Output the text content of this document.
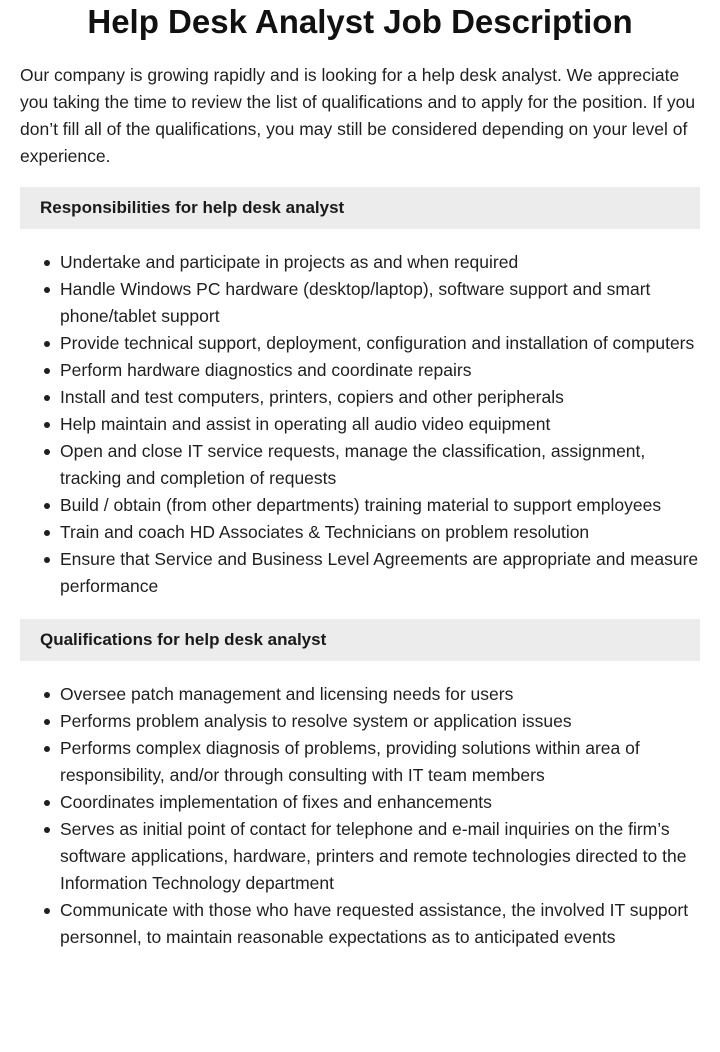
Help Desk Analyst Job Description

Our company is growing rapidly and is looking for a help desk analyst. We appreciate you taking the time to review the list of qualifications and to apply for the position. If you don’t fill all of the qualifications, you may still be considered depending on your level of experience.

Responsibilities for help desk analyst
Undertake and participate in projects as and when required
Handle Windows PC hardware (desktop/laptop), software support and smart phone/tablet support
Provide technical support, deployment, configuration and installation of computers
Perform hardware diagnostics and coordinate repairs
Install and test computers, printers, copiers and other peripherals
Help maintain and assist in operating all audio video equipment
Open and close IT service requests, manage the classification, assignment, tracking and completion of requests
Build / obtain (from other departments) training material to support employees
Train and coach HD Associates & Technicians on problem resolution
Ensure that Service and Business Level Agreements are appropriate and measure performance
Qualifications for help desk analyst
Oversee patch management and licensing needs for users
Performs problem analysis to resolve system or application issues
Performs complex diagnosis of problems, providing solutions within area of responsibility, and/or through consulting with IT team members
Coordinates implementation of fixes and enhancements
Serves as initial point of contact for telephone and e-mail inquiries on the firm’s software applications, hardware, printers and remote technologies directed to the Information Technology department
Communicate with those who have requested assistance, the involved IT support personnel, to maintain reasonable expectations as to anticipated events
